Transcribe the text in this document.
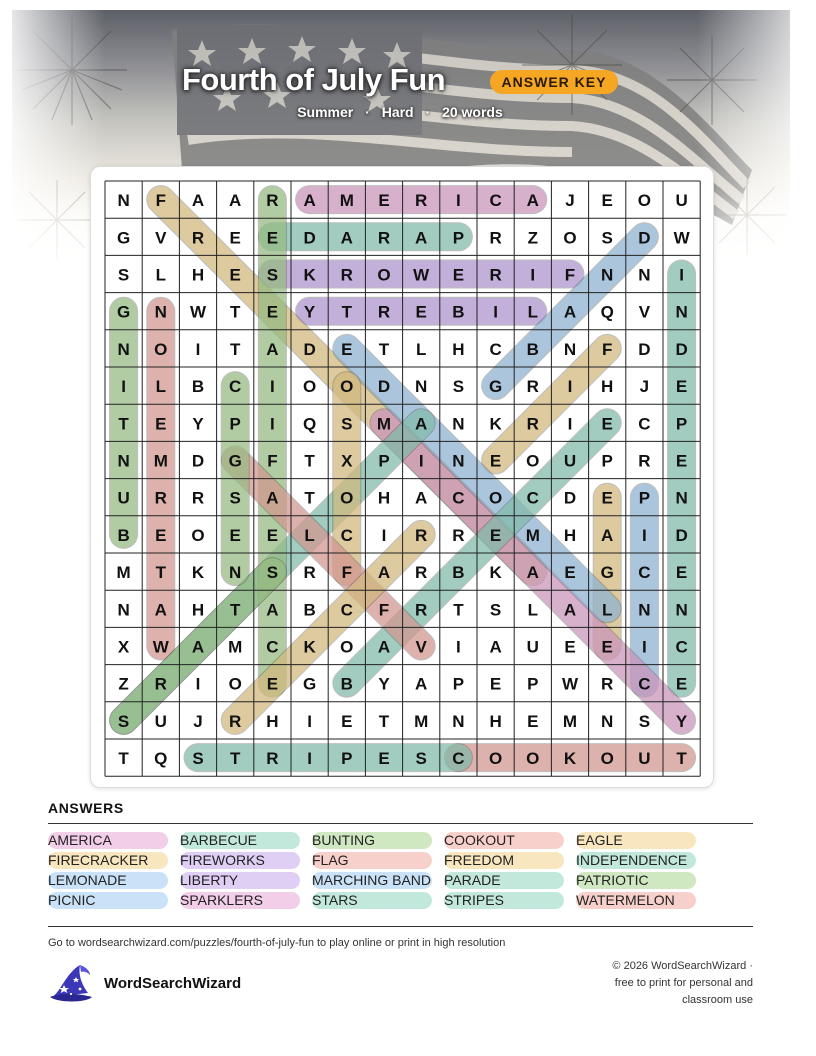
Fourth of July Fun	ANSWER KEY
Summer · Hard · 20 words
N F A A R A M E R I C A J E O U
G V R E E D A R A P R Z O S D W
S L H E S K R O W E R I F N N I
G N W T E Y T R E B I L A Q V N
N O I T A D E T L H C B N F D D
I L B C I O O D N S G R I H J E
T E Y P I Q S M A N K R I E C P
N M D G F T X P I N E O U P R E
U R R S A T O H A C O C D E P N
B E O E E L C I R R E M H A I D
M T K N S R F A R B K A E G C E
N A H T A B C F R T S L A L N N
X W A M C K O A V I A U E E I C
Z R I O E G B Y A P E P W R C E
S U J R H I E T M N H E M N S Y
T Q S T R I P E S C O O K O U T
ANSWERS
AMERICA
FIRECRACKER
LEMONADE
PICNIC
BARBECUE
FIREWORKS
LIBERTY
SPARKLERS
BUNTING
FLAG
MARCHING BAND
STARS
COOKOUT
FREEDOM
PARADE
STRIPES
EAGLE
INDEPENDENCE
PATRIOTIC
WATERMELON
Go to wordsearchwizard.com/puzzles/fourth-of-july-fun to play online or print in high resolution
WordSearchWizard
© 2026 WordSearchWizard ·
free to print for personal and
classroom use
